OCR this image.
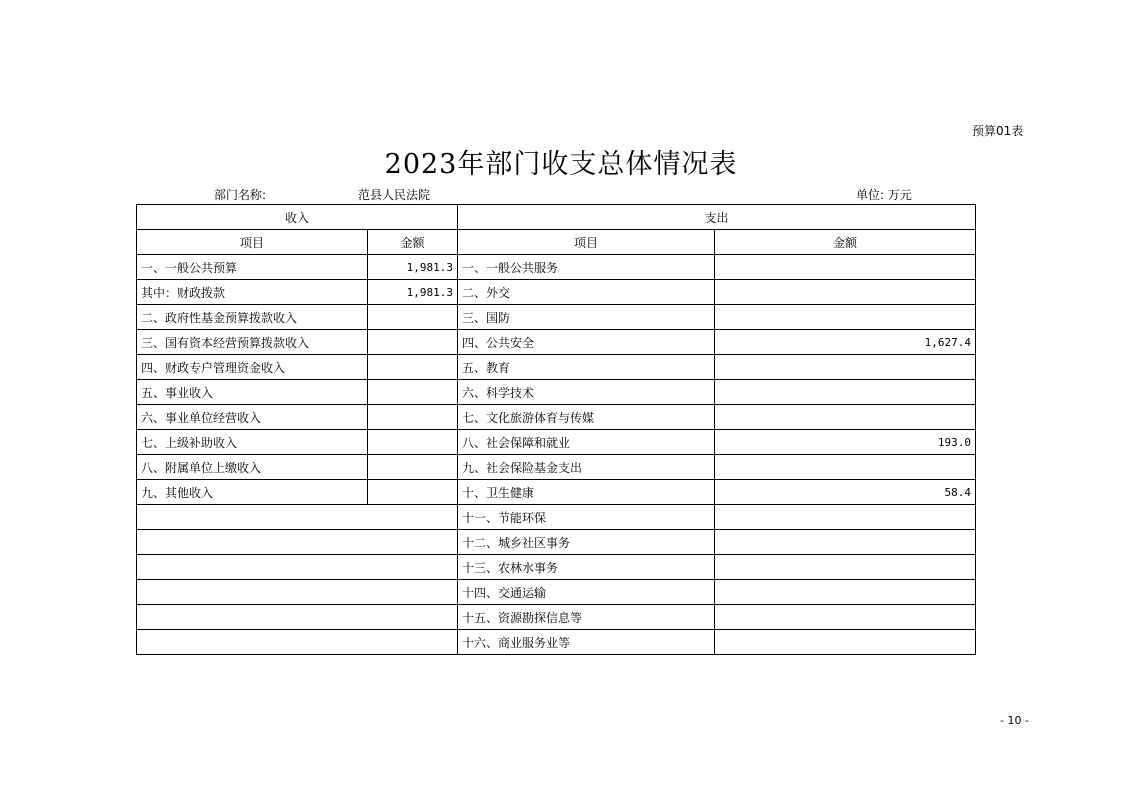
预算01表
2023年部门收支总体情况表
部门名称:	范县人民法院	单位: 万元
收入		支出	
项目	金额	项目	金额
一、一般公共预算	1,981.3	一、一般公共服务	
其中：财政拨款	1,981.3	二、外交	
二、政府性基金预算拨款收入		三、国防	
三、国有资本经营预算拨款收入		四、公共安全	1,627.4
四、财政专户管理资金收入		五、教育	
五、事业收入		六、科学技术	
六、事业单位经营收入		七、文化旅游体育与传媒	
七、上级补助收入		八、社会保障和就业	193.0
八、附属单位上缴收入		九、社会保险基金支出	
九、其他收入		十、卫生健康	58.4
		十一、节能环保	
		十二、城乡社区事务	
		十三、农林水事务	
		十四、交通运输	
		十五、资源勘探信息等	
		十六、商业服务业等	
- 10 -
